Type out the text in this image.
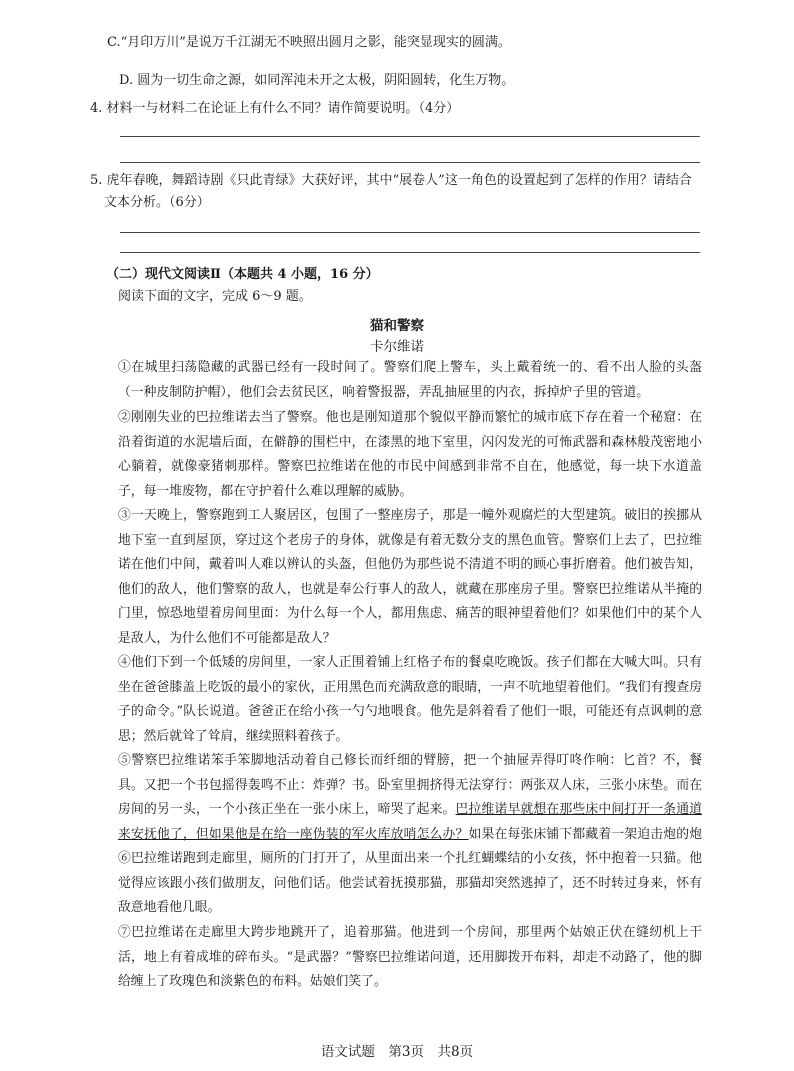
C.“月印万川”是说万千江湖无不映照出圆月之影，能突显现实的圆满。
D. 圆为一切生命之源，如同浑沌未开之太极，阴阳圆转，化生万物。
4. 材料一与材料二在论证上有什么不同？请作简要说明。（4分）
5. 虎年春晚，舞蹈诗剧《只此青绿》大获好评，其中“展卷人”这一角色的设置起到了怎样的作用？请结合
文本分析。（6分）
（二）现代文阅读Ⅱ（本题共 4 小题，16 分）
阅读下面的文字，完成 6～9 题。
猫和警察
卡尔维诺
①在城里扫荡隐藏的武器已经有一段时间了。警察们爬上警车，头上戴着统一的、看不出人脸的头盔（一种皮制防护帽），他们会去贫民区，响着警报器，弄乱抽屉里的内衣，拆掉炉子里的管道。
②刚刚失业的巴拉维诺去当了警察。他也是刚知道那个貌似平静而繁忙的城市底下存在着一个秘窟：在沿着街道的水泥墙后面，在僻静的围栏中，在漆黑的地下室里，闪闪发光的可怖武器和森林般茂密地小心躺着，就像豪猪刺那样。警察巴拉维诺在他的市民中间感到非常不自在，他感觉，每一块下水道盖子，每一堆废物，都在守护着什么难以理解的威胁。
③一天晚上，警察跑到工人聚居区，包围了一整座房子，那是一幢外观腐烂的大型建筑。破旧的挨挪从地下室一直到屋顶，穿过这个老房子的身体，就像是有着无数分支的黑色血管。警察们上去了，巴拉维诺在他们中间，戴着叫人难以辨认的头盔，但他仍为那些说不清道不明的顾心事折磨着。他们被告知，他们的敌人，他们警察的敌人，也就是奉公行事人的敌人，就藏在那座房子里。警察巴拉维诺从半掩的门里，惊恐地望着房间里面：为什么每一个人，都用焦虑、痛苦的眼神望着他们？如果他们中的某个人是敌人，为什么他们不可能都是敌人？
④他们下到一个低矮的房间里，一家人正围着铺上红格子布的餐桌吃晚饭。孩子们都在大喊大叫。只有坐在爸爸膝盖上吃饭的最小的家伙，正用黑色而充满敌意的眼睛，一声不吭地望着他们。“我们有搜查房子的命令。”队长说道。爸爸正在给小孩一勺勺地喂食。他先是斜着看了他们一眼，可能还有点讽刺的意思；然后就耸了耸肩，继续照料着孩子。
⑤警察巴拉维诺笨手笨脚地活动着自己修长而纤细的臂膀，把一个抽屉弄得叮咚作响：匕首？不，餐具。又把一个书包摇得轰鸣不止：炸弹？书。卧室里拥挤得无法穿行：两张双人床，三张小床垫。而在房间的另一头，一个小孩正坐在一张小床上，啼哭了起来。巴拉维诺早就想在那些床中间打开一条通道来安抚他了，但如果他是在给一座伪装的军火库放哨怎么办？如果在每张床铺下都藏着一架迫击炮的炮
⑥巴拉维诺跑到走廊里，厕所的门打开了，从里面出来一个扎红蝴蝶结的小女孩，怀中抱着一只猫。他觉得应该跟小孩们做朋友，问他们话。他尝试着抚摸那猫，那猫却突然逃掉了，还不时转过身来，怀有敌意地看他几眼。
⑦巴拉维诺在走廊里大跨步地跳开了，追着那猫。他进到一个房间，那里两个姑娘正伏在缝纫机上干活，地上有着成堆的碎布头。“是武器？”警察巴拉维诺问道，还用脚拨开布料，却走不动路了，他的脚给缠上了玫瑰色和淡紫色的布料。姑娘们笑了。
语文试题　第3页　共8页
